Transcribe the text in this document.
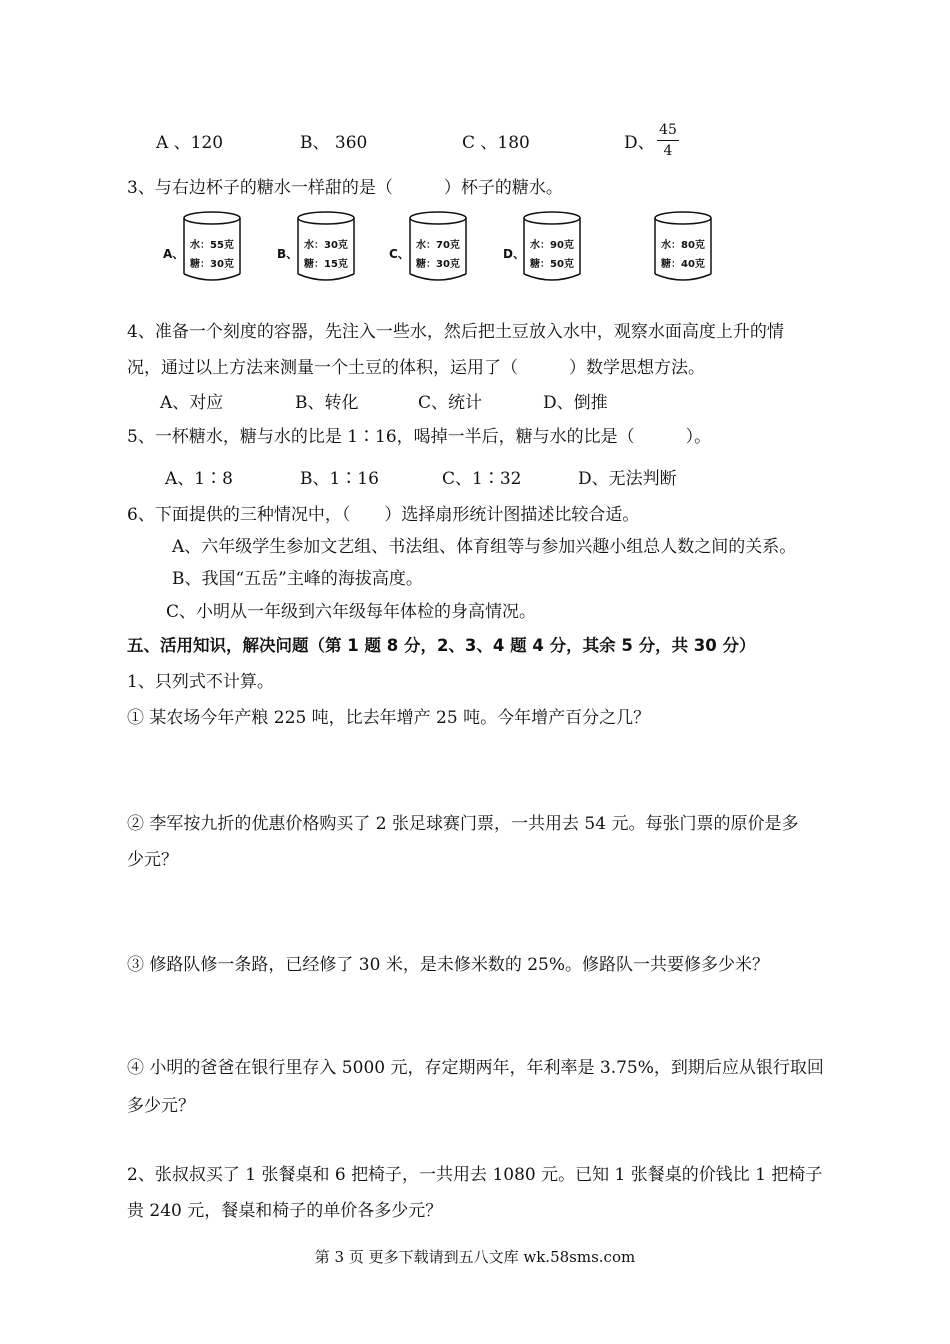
A 、120	B、 360	C 、180	D、
45
4
3、与右边杯子的糖水一样甜的是（　　　）杯子的糖水。
A、
水：55克
糖：30克
B、
水：30克
糖：15克
C、
水：70克
糖：30克
D、
水：90克
糖：50克
水：80克
糖：40克
4、准备一个刻度的容器，先注入一些水，然后把土豆放入水中，观察水面高度上升的情
况，通过以上方法来测量一个土豆的体积，运用了（　　　）数学思想方法。
A、对应	B、转化	C、统计	D、倒推
5、一杯糖水，糖与水的比是 1∶16，喝掉一半后，糖与水的比是（　　　）。
A、1∶8	B、1∶16	C、1∶32	D、无法判断
6、下面提供的三种情况中，（　　）选择扇形统计图描述比较合适。
A、六年级学生参加文艺组、书法组、体育组等与参加兴趣小组总人数之间的关系。
B、我国“五岳”主峰的海拔高度。
C、小明从一年级到六年级每年体检的身高情况。
五、活用知识，解决问题（第 1 题 8 分，2、3、4 题 4 分，其余 5 分，共 30 分）
1、只列式不计算。
① 某农场今年产粮 225 吨，比去年增产 25 吨。今年增产百分之几？
② 李军按九折的优惠价格购买了 2 张足球赛门票，一共用去 54 元。每张门票的原价是多
少元？
③ 修路队修一条路，已经修了 30 米，是未修米数的 25%。修路队一共要修多少米？
④ 小明的爸爸在银行里存入 5000 元，存定期两年，年利率是 3.75%，到期后应从银行取回
多少元？
2、张叔叔买了 1 张餐桌和 6 把椅子，一共用去 1080 元。已知 1 张餐桌的价钱比 1 把椅子
贵 240 元，餐桌和椅子的单价各多少元？
第 3 页 更多下载请到五八文库 wk.58sms.com
